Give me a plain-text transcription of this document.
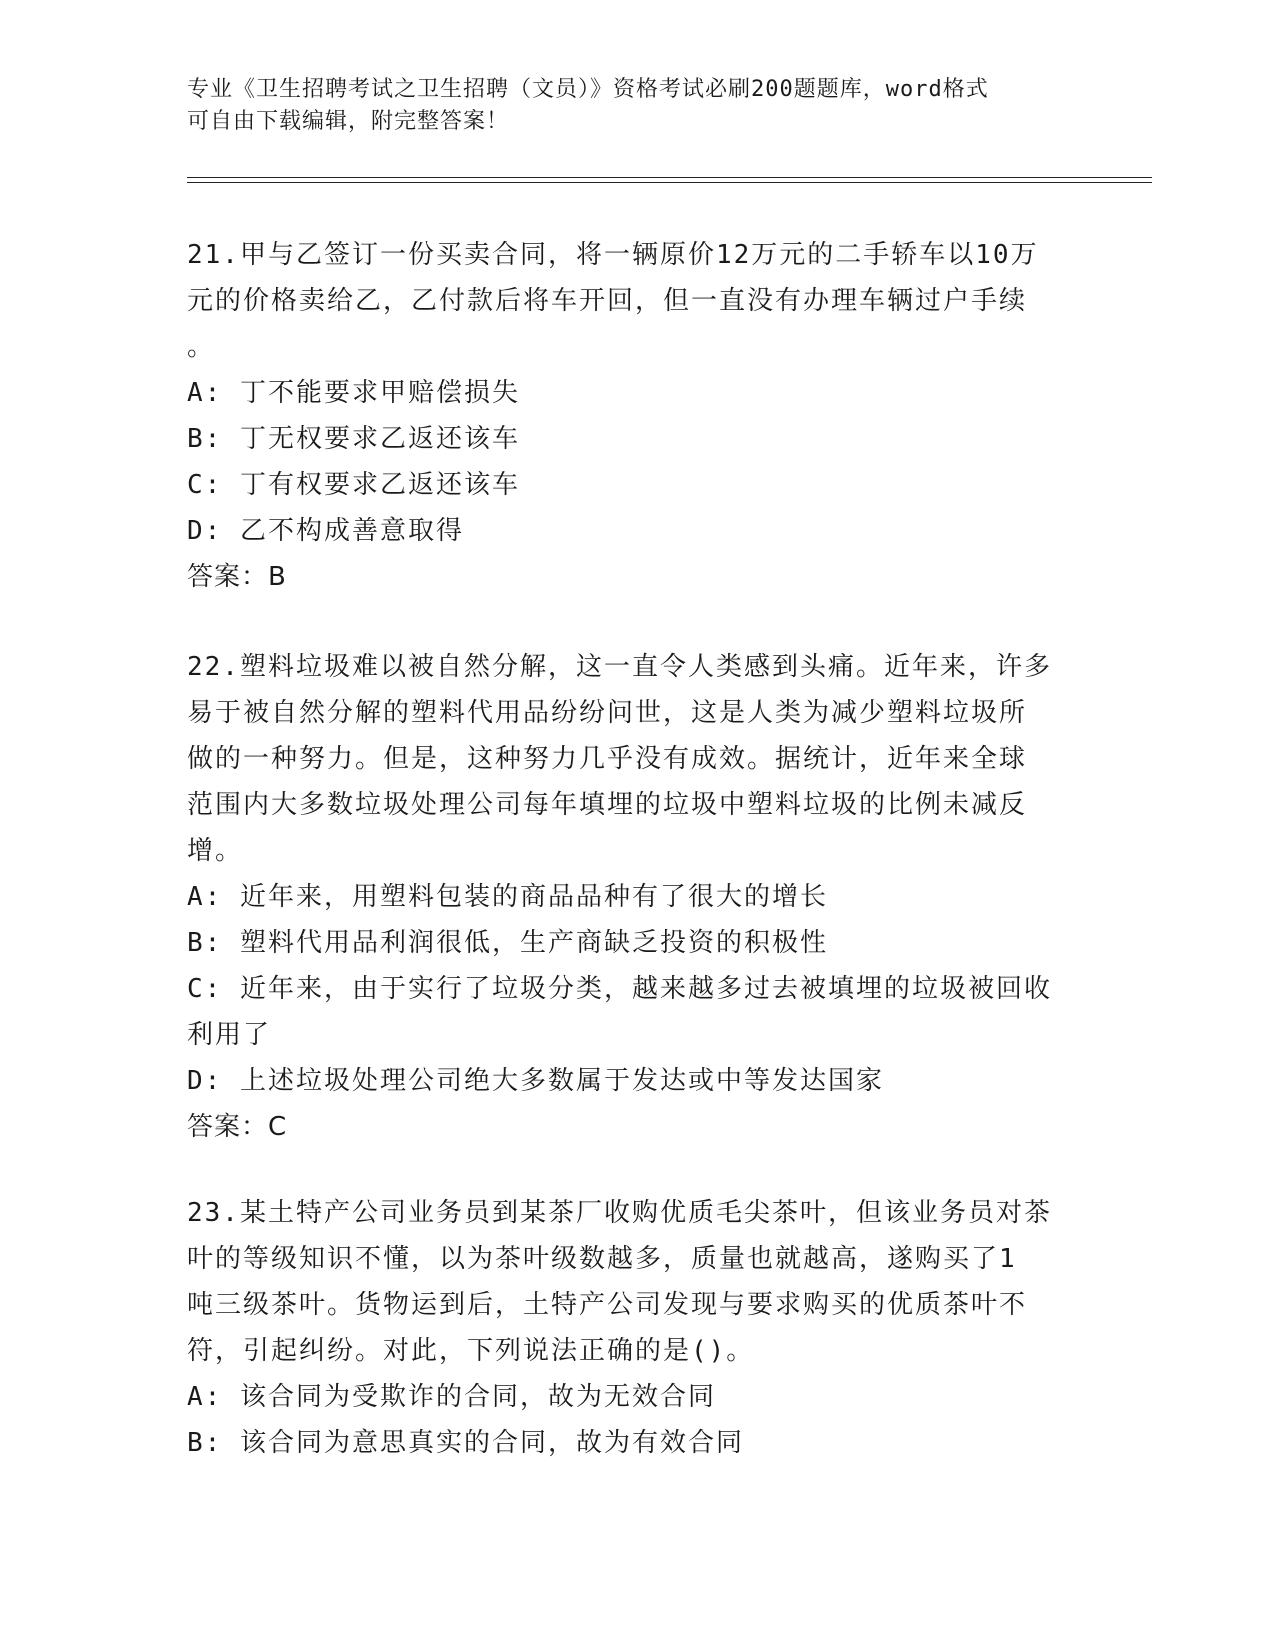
专业《卫生招聘考试之卫生招聘（文员）》资格考试必刷200题题库，word格式
可自由下载编辑，附完整答案！

21.甲与乙签订一份买卖合同，将一辆原价12万元的二手轿车以10万

元的价格卖给乙，乙付款后将车开回，但一直没有办理车辆过户手续

。

A: 丁不能要求甲赔偿损失

B: 丁无权要求乙返还该车

C: 丁有权要求乙返还该车

D: 乙不构成善意取得

答案：B

22.塑料垃圾难以被自然分解，这一直令人类感到头痛。近年来，许多

易于被自然分解的塑料代用品纷纷问世，这是人类为减少塑料垃圾所

做的一种努力。但是，这种努力几乎没有成效。据统计，近年来全球

范围内大多数垃圾处理公司每年填埋的垃圾中塑料垃圾的比例未减反

增。

A: 近年来，用塑料包装的商品品种有了很大的增长

B: 塑料代用品利润很低，生产商缺乏投资的积极性

C: 近年来，由于实行了垃圾分类，越来越多过去被填埋的垃圾被回收

利用了

D: 上述垃圾处理公司绝大多数属于发达或中等发达国家

答案：C

23.某土特产公司业务员到某茶厂收购优质毛尖茶叶，但该业务员对茶

叶的等级知识不懂，以为茶叶级数越多，质量也就越高，遂购买了1

吨三级茶叶。货物运到后，土特产公司发现与要求购买的优质茶叶不

符，引起纠纷。对此，下列说法正确的是()。

A: 该合同为受欺诈的合同，故为无效合同

B: 该合同为意思真实的合同，故为有效合同
